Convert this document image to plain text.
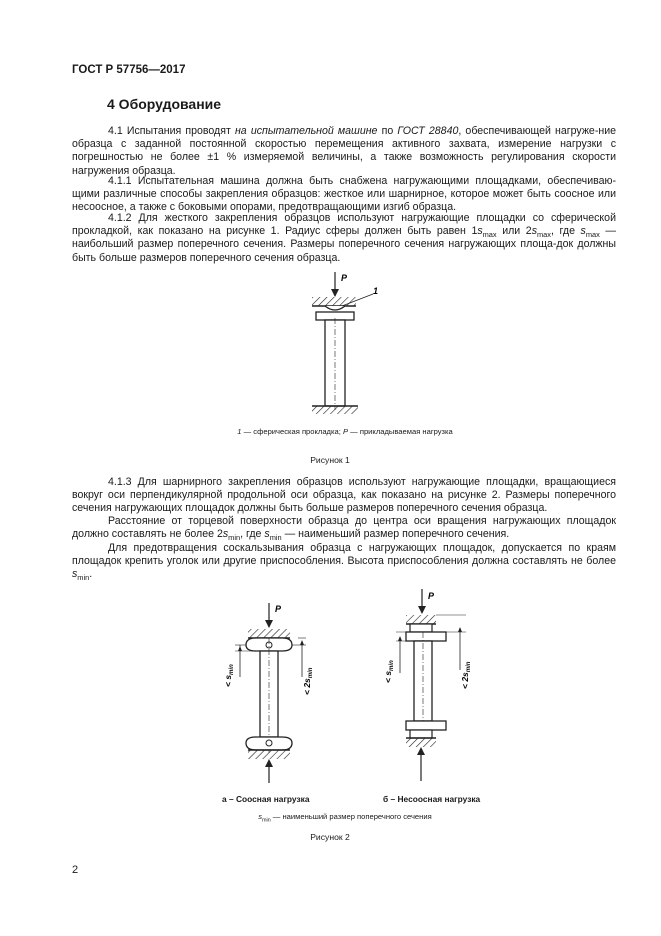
ГОСТ Р 57756—2017
4 Оборудование

4.1 Испытания проводят на испытательной машине по ГОСТ 28840, обеспечивающей нагруже-ние образца с заданной постоянной скоростью перемещения активного захвата, измерение нагрузки с погрешностью не более ±1 % измеряемой величины, а также возможность регулирования скорости нагружения образца.

4.1.1 Испытательная машина должна быть снабжена нагружающими площадками, обеспечиваю-щими различные способы закрепления образцов: жесткое или шарнирное, которое может быть соосное или несоосное, а также с боковыми опорами, предотвращающими изгиб образца.

4.1.2 Для жесткого закрепления образцов используют нагружающие площадки со сферической прокладкой, как показано на рисунке 1. Радиус сферы должен быть равен $1s_{max}$ или $2s_{max}$, где $s_{max}$ — наибольший размер поперечного сечения. Размеры поперечного сечения нагружающих площа-док должны быть больше размеров поперечного сечения образца.

P
1
1 — сферическая прокладка; P — прикладываемая нагрузка
Рисунок 1

4.1.3 Для шарнирного закрепления образцов используют нагружающие площадки, вращающиеся вокруг оси перпендикулярной продольной оси образца, как показано на рисунке 2. Размеры поперечного сечения нагружающих площадок должны быть больше размеров поперечного сечения образца.

Расстояние от торцевой поверхности образца до центра оси вращения нагружающих площадок должно составлять не более $2s_{min}$, где $s_{min}$ — наименьший размер поперечного сечения.

Для предотвращения соскальзывания образца с нагружающих площадок, допускается по краям площадок крепить уголок или другие приспособления. Высота приспособления должна составлять не более $s_{min}$.

P
< $s_{min}$
< $2s_{min}$
P
< $s_{min}$
< $2s_{min}$
а – Соосная нагрузка	б – Несоосная нагрузка
$s_{min}$ — наименьший размер поперечного сечения
Рисунок 2
2
